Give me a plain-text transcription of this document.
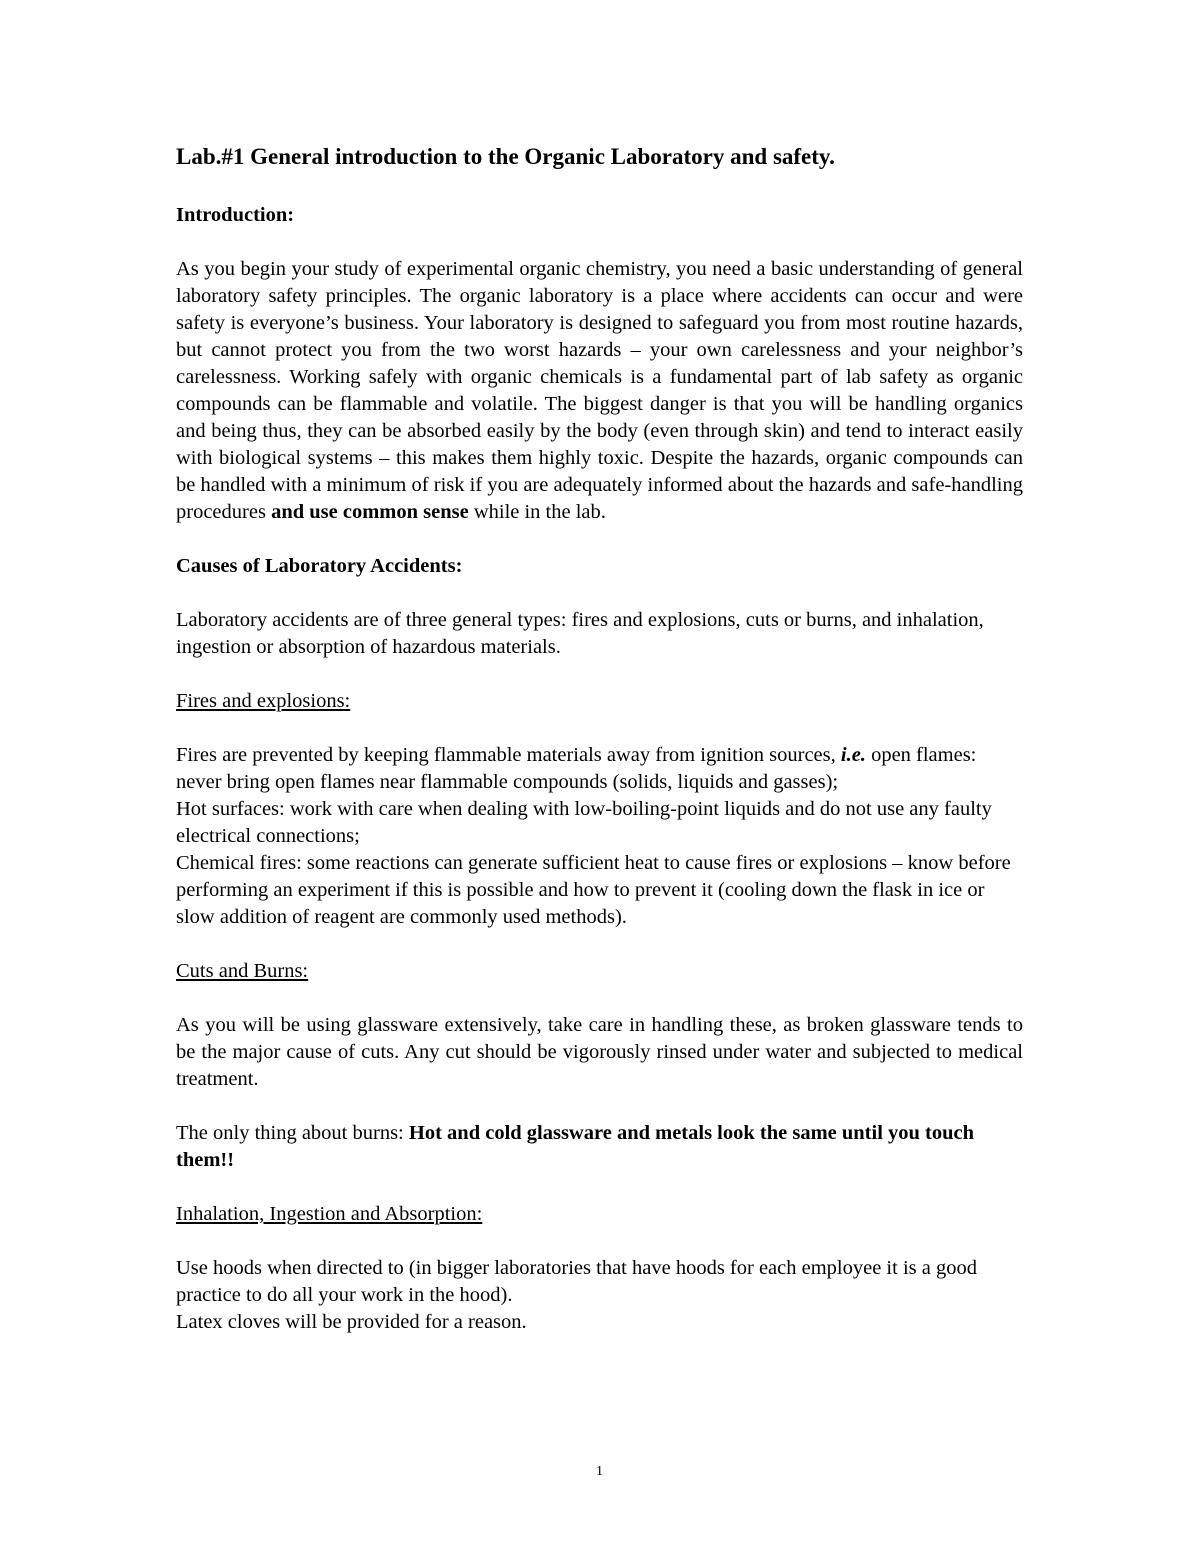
Lab.#1 General introduction to the Organic Laboratory and safety.
Introduction:

As you begin your study of experimental organic chemistry, you need a basic understanding of general laboratory safety principles. The organic laboratory is a place where accidents can occur and were safety is everyone’s business. Your laboratory is designed to safeguard you from most routine hazards, but cannot protect you from the two worst hazards – your own carelessness and your neighbor’s carelessness. Working safely with organic chemicals is a fundamental part of lab safety as organic compounds can be flammable and volatile. The biggest danger is that you will be handling organics and being thus, they can be absorbed easily by the body (even through skin) and tend to interact easily with biological systems – this makes them highly toxic. Despite the hazards, organic compounds can be handled with a minimum of risk if you are adequately informed about the hazards and safe-handling procedures and use common sense while in the lab.

Causes of Laboratory Accidents:

Laboratory accidents are of three general types: fires and explosions, cuts or burns, and inhalation, ingestion or absorption of hazardous materials.

Fires and explosions:

Fires are prevented by keeping flammable materials away from ignition sources, i.e. open flames: never bring open flames near flammable compounds (solids, liquids and gasses);
Hot surfaces: work with care when dealing with low-boiling-point liquids and do not use any faulty electrical connections;
Chemical fires: some reactions can generate sufficient heat to cause fires or explosions – know before performing an experiment if this is possible and how to prevent it (cooling down the flask in ice or slow addition of reagent are commonly used methods).

Cuts and Burns:

As you will be using glassware extensively, take care in handling these, as broken glassware tends to be the major cause of cuts. Any cut should be vigorously rinsed under water and subjected to medical treatment.

The only thing about burns: Hot and cold glassware and metals look the same until you touch them!!

Inhalation, Ingestion and Absorption:

Use hoods when directed to (in bigger laboratories that have hoods for each employee it is a good practice to do all your work in the hood).
Latex cloves will be provided for a reason.

1
